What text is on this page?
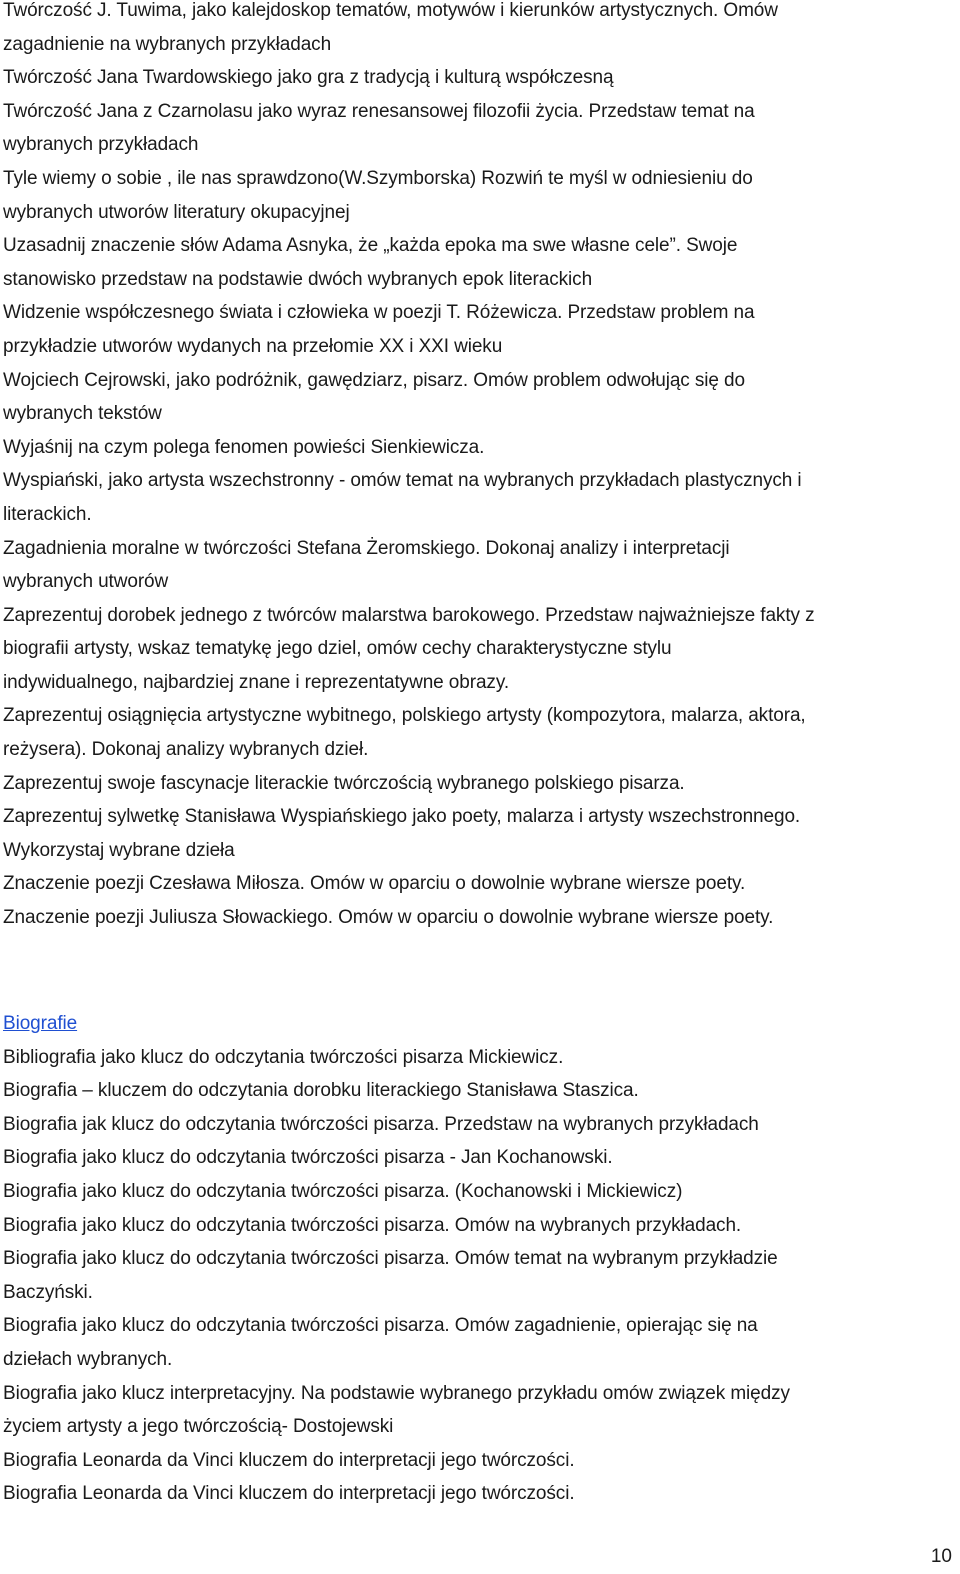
Twórczość J. Tuwima, jako kalejdoskop tematów, motywów i kierunków artystycznych. Omów
zagadnienie na wybranych przykładach
Twórczość Jana Twardowskiego jako gra z tradycją i kulturą współczesną
Twórczość Jana z Czarnolasu jako wyraz renesansowej filozofii życia. Przedstaw temat na
wybranych przykładach
Tyle wiemy o sobie , ile nas sprawdzono(W.Szymborska) Rozwiń te myśl w odniesieniu do
wybranych utworów literatury okupacyjnej
Uzasadnij znaczenie słów Adama Asnyka, że „każda epoka ma swe własne cele”. Swoje
stanowisko przedstaw na podstawie dwóch wybranych epok literackich
Widzenie współczesnego świata i człowieka w poezji T. Różewicza. Przedstaw problem na
przykładzie utworów wydanych na przełomie XX i XXI wieku
Wojciech Cejrowski, jako podróżnik, gawędziarz, pisarz. Omów problem odwołując się do
wybranych tekstów
Wyjaśnij na czym polega fenomen powieści Sienkiewicza.
Wyspiański, jako artysta wszechstronny - omów temat na wybranych przykładach plastycznych i
literackich.
Zagadnienia moralne w twórczości Stefana Żeromskiego. Dokonaj analizy i interpretacji
wybranych utworów
Zaprezentuj dorobek jednego z twórców malarstwa barokowego. Przedstaw najważniejsze fakty z
biografii artysty, wskaz tematykę jego dziel, omów cechy charakterystyczne stylu
indywidualnego, najbardziej znane i reprezentatywne obrazy.
Zaprezentuj osiągnięcia artystyczne wybitnego, polskiego artysty (kompozytora, malarza, aktora,
reżysera). Dokonaj analizy wybranych dzieł.
Zaprezentuj swoje fascynacje literackie twórczością wybranego polskiego pisarza.
Zaprezentuj sylwetkę Stanisława Wyspiańskiego jako poety, malarza i artysty wszechstronnego.
Wykorzystaj wybrane dzieła
Znaczenie poezji Czesława Miłosza. Omów w oparciu o dowolnie wybrane wiersze poety.
Znaczenie poezji Juliusza Słowackiego. Omów w oparciu o dowolnie wybrane wiersze poety.
Biografie
Bibliografia jako klucz do odczytania twórczości pisarza Mickiewicz.
Biografia – kluczem do odczytania dorobku literackiego Stanisława Staszica.
Biografia jak klucz do odczytania twórczości pisarza. Przedstaw na wybranych przykładach
Biografia jako klucz do odczytania twórczości pisarza - Jan Kochanowski.
Biografia jako klucz do odczytania twórczości pisarza. (Kochanowski i Mickiewicz)
Biografia jako klucz do odczytania twórczości pisarza. Omów na wybranych przykładach.
Biografia jako klucz do odczytania twórczości pisarza. Omów temat na wybranym przykładzie
Baczyński.
Biografia jako klucz do odczytania twórczości pisarza. Omów zagadnienie, opierając się na
dziełach wybranych.
Biografia jako klucz interpretacyjny. Na podstawie wybranego przykładu omów związek między
życiem artysty a jego twórczością- Dostojewski
Biografia Leonarda da Vinci kluczem do interpretacji jego twórczości.
Biografia Leonarda da Vinci kluczem do interpretacji jego twórczości.
10
